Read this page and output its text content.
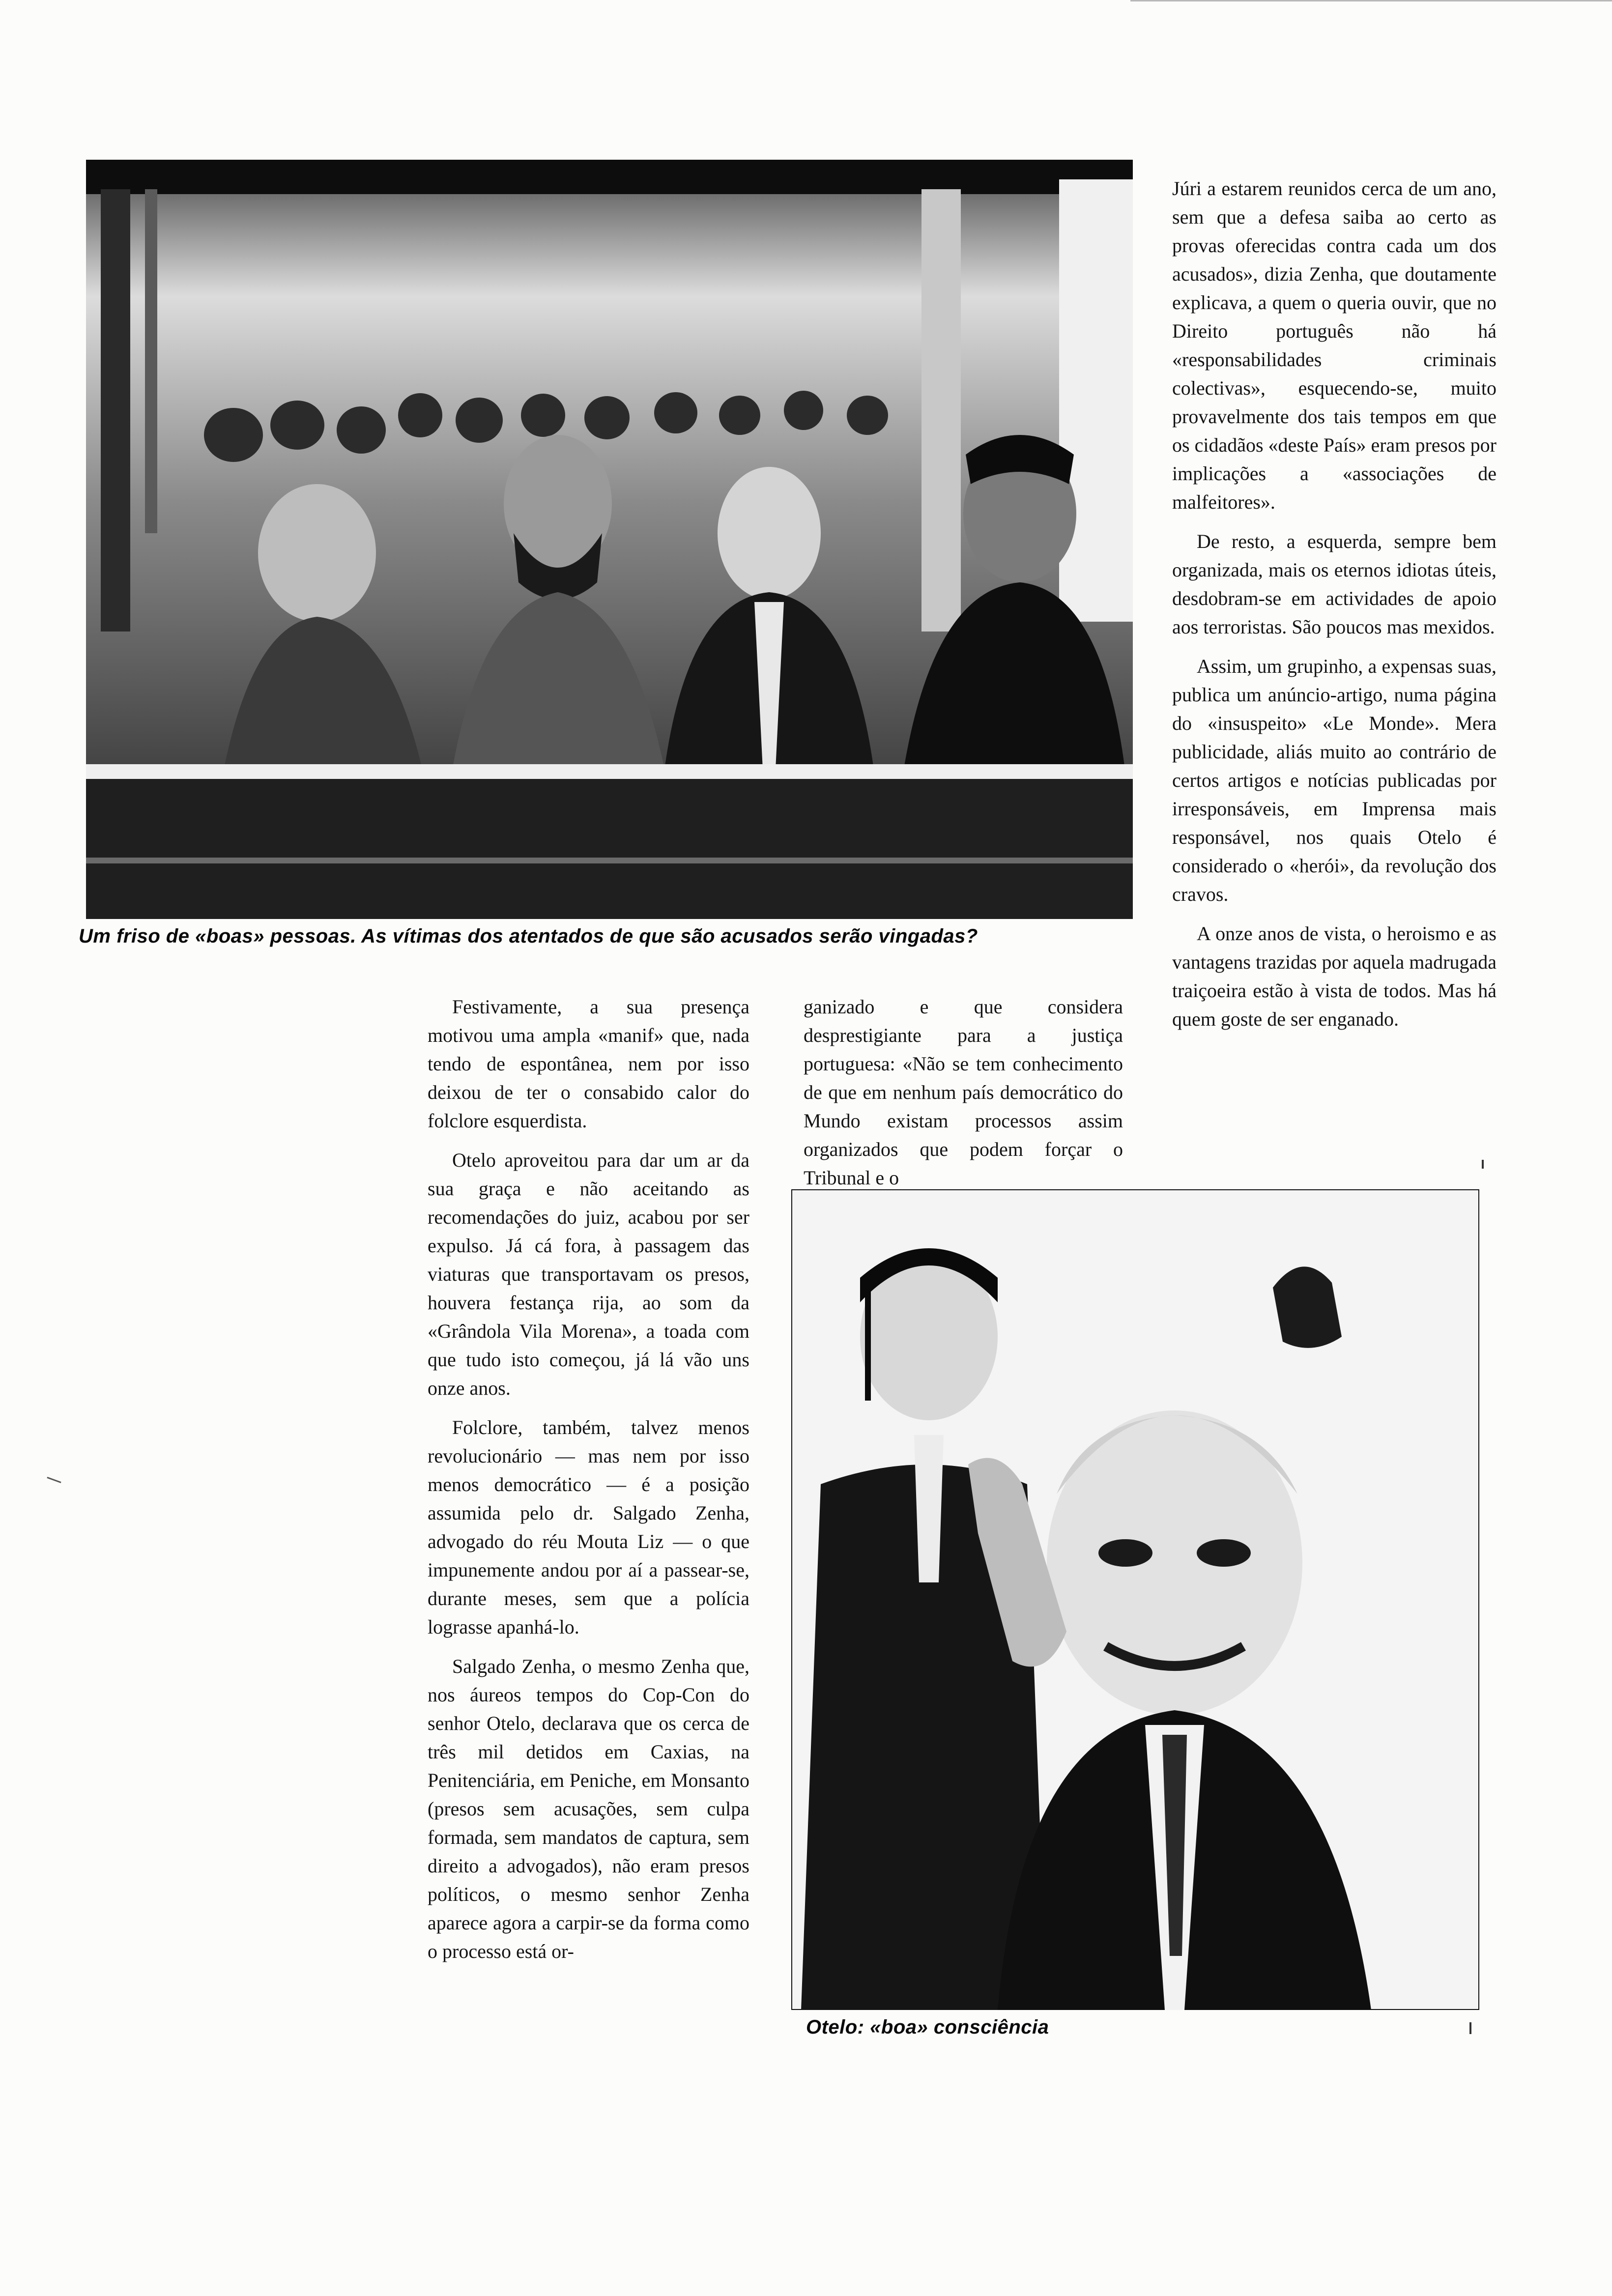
Um friso de «boas» pessoas. As vítimas dos atentados de que são acusados serão vingadas?

Júri a estarem reunidos cerca de um ano, sem que a defesa saiba ao certo as provas oferecidas contra cada um dos acusados», dizia Zenha, que doutamente explicava, a quem o queria ouvir, que no Direito português não há «responsabilidades criminais colectivas», esquecendo-se, muito provavelmente dos tais tempos em que os cidadãos «deste País» eram presos por implicações a «associações de malfeitores».

De resto, a esquerda, sempre bem organizada, mais os eternos idiotas úteis, desdobram-se em actividades de apoio aos terroristas. São poucos mas mexidos.

Assim, um grupinho, a expensas suas, publica um anúncio-artigo, numa página do «insuspeito» «Le Monde». Mera publicidade, aliás muito ao contrário de certos artigos e notícias publicadas por irresponsáveis, em Imprensa mais responsável, nos quais Otelo é considerado o «herói», da revolução dos cravos.

A onze anos de vista, o heroismo e as vantagens trazidas por aquela madrugada traiçoeira estão à vista de todos. Mas há quem goste de ser enganado.

Festivamente, a sua presença motivou uma ampla «manif» que, nada tendo de espontânea, nem por isso deixou de ter o consabido calor do folclore esquerdista.

Otelo aproveitou para dar um ar da sua graça e não aceitando as recomendações do juiz, acabou por ser expulso. Já cá fora, à passagem das viaturas que transportavam os presos, houvera festança rija, ao som da «Grândola Vila Morena», a toada com que tudo isto começou, já lá vão uns onze anos.

Folclore, também, talvez menos revolucionário — mas nem por isso menos democrático — é a posição assumida pelo dr. Salgado Zenha, advogado do réu Mouta Liz — o que impunemente andou por aí a passear-se, durante meses, sem que a polícia lograsse apanhá-lo.

Salgado Zenha, o mesmo Zenha que, nos áureos tempos do Cop-Con do senhor Otelo, declarava que os cerca de três mil detidos em Caxias, na Penitenciária, em Peniche, em Monsanto (presos sem acusações, sem culpa formada, sem mandatos de captura, sem direito a advogados), não eram presos políticos, o mesmo senhor Zenha aparece agora a carpir-se da forma como o processo está or-

ganizado e que considera desprestigiante para a justiça portuguesa: «Não se tem conhecimento de que em nenhum país democrático do Mundo existam processos assim organizados que podem forçar o Tribunal e o

Otelo: «boa» consciência
